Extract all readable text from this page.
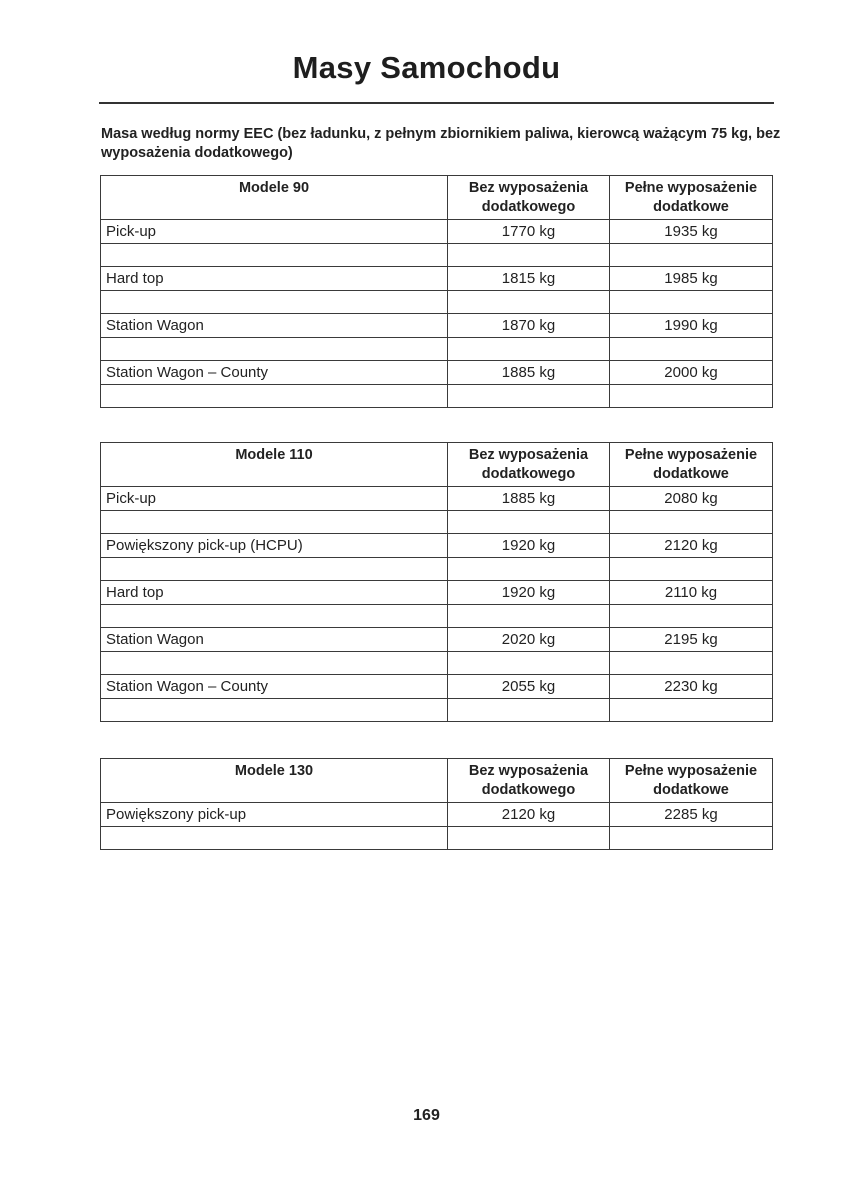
Masy Samochodu
Masa według normy EEC (bez ładunku, z pełnym zbiornikiem paliwa, kierowcą ważącym 75 kg, bez wyposażenia dodatkowego)
Modele 90	Bez wyposażenia dodatkowego	Pełne wyposażenie dodatkowe
Pick-up	1770 kg	1935 kg

Hard top	1815 kg	1985 kg

Station Wagon	1870 kg	1990 kg

Station Wagon – County	1885 kg	2000 kg

Modele 110	Bez wyposażenia dodatkowego	Pełne wyposażenie dodatkowe
Pick-up	1885 kg	2080 kg

Powiększony pick-up (HCPU)	1920 kg	2120 kg

Hard top	1920 kg	2110 kg

Station Wagon	2020 kg	2195 kg

Station Wagon – County	2055 kg	2230 kg

Modele 130	Bez wyposażenia dodatkowego	Pełne wyposażenie dodatkowe
Powiększony pick-up	2120 kg	2285 kg

169
